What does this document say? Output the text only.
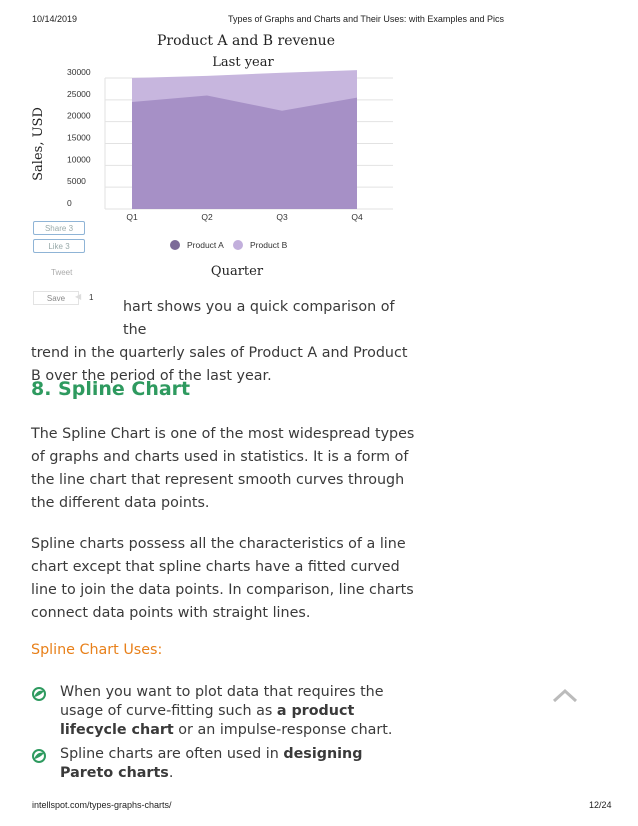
10/14/2019	Types of Graphs and Charts and Their Uses: with Examples and Pics
Product A and B revenue
Last year
Sales, USD
0
5000
10000
15000
20000
25000
30000
Q1	Q2	Q3	Q4
Product A	Product B
Quarter
Share
3
Like
3
Tweet
Save	◀ 1
hart shows you a quick comparison of the
trend in the quarterly sales of Product A and Product B over the period of the last year.
8. Spline Chart

The Spline Chart is one of the most widespread types of graphs and charts used in statistics. It is a form of the line chart that represent smooth curves through the different data points.

Spline charts possess all the characteristics of a line chart except that spline charts have a fitted curved line to join the data points. In comparison, line charts connect data points with straight lines.

Spline Chart Uses:
When you want to plot data that requires the usage of curve-fitting such as a product lifecycle chart or an impulse-response chart.
Spline charts are often used in designing Pareto charts.
intellspot.com/types-graphs-charts/	12/24
